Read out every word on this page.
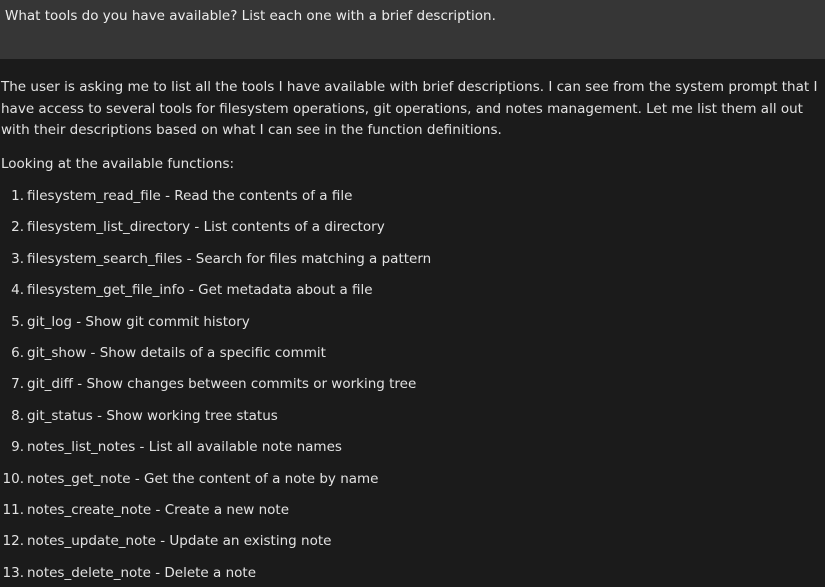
What tools do you have available? List each one with a brief description.

The user is asking me to list all the tools I have available with brief descriptions. I can see from the system prompt that I have access to several tools for filesystem operations, git operations, and notes management. Let me list them all out with their descriptions based on what I can see in the function definitions.

Looking at the available functions:

1. filesystem_read_file - Read the contents of a file
2. filesystem_list_directory - List contents of a directory
3. filesystem_search_files - Search for files matching a pattern
4. filesystem_get_file_info - Get metadata about a file
5. git_log - Show git commit history
6. git_show - Show details of a specific commit
7. git_diff - Show changes between commits or working tree
8. git_status - Show working tree status
9. notes_list_notes - List all available note names
10. notes_get_note - Get the content of a note by name
11. notes_create_note - Create a new note
12. notes_update_note - Update an existing note
13. notes_delete_note - Delete a note
